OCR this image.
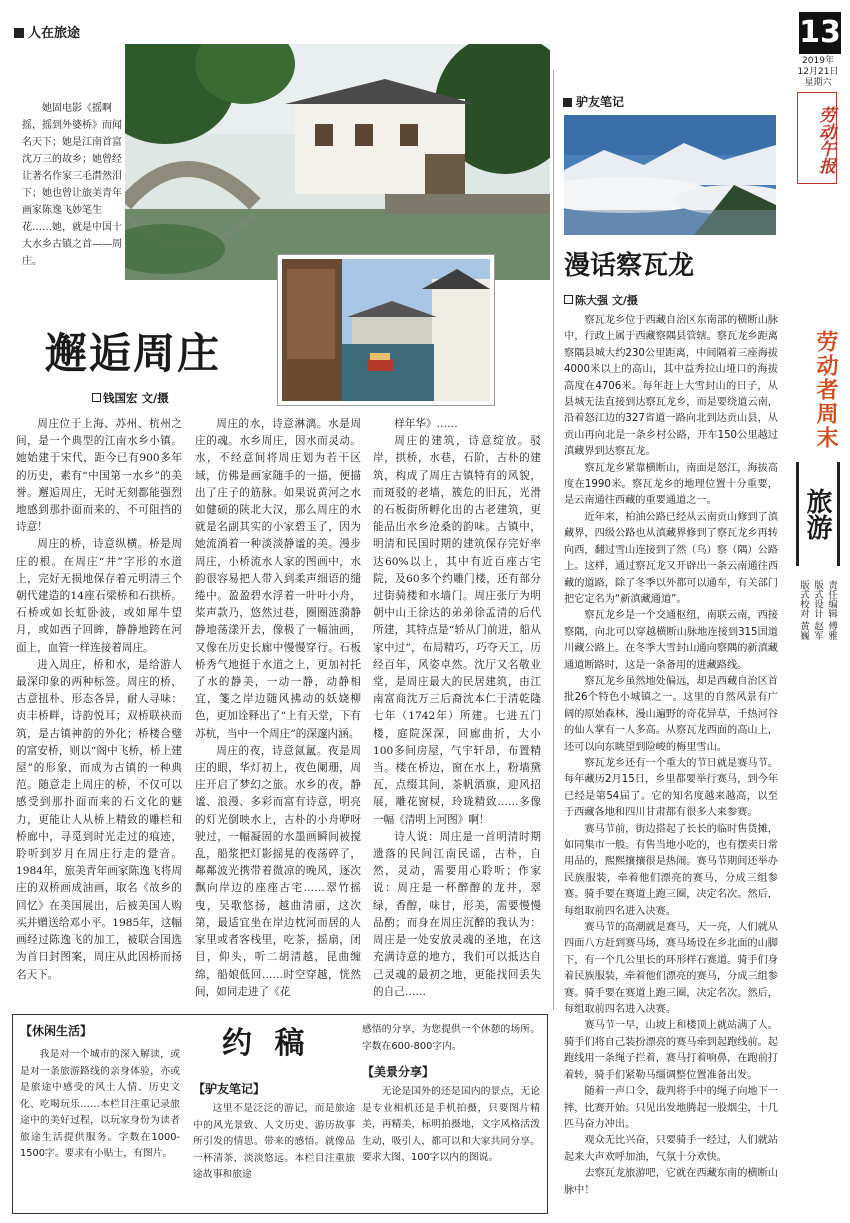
人在旅途	13
2019年
12月21日
星期六
劳动午报
劳动者周末
旅游
责任编辑 傅雅
版式设计 赵军
版式校对 黄巍
她固电影《摇啊摇，摇到外婆桥》而闻名天下；她是江南首富沈万三的故乡；她曾经让著名作家三毛潸然泪下；她也曾让旅美青年画家陈逸飞妙笔生花……她，就是中国十大水乡古镇之首——周庄。
邂逅周庄
钱国宏 文/摄

周庄位于上海、苏州、杭州之间，是一个典型的江南水乡小镇。她始建于宋代，距今已有900多年的历史，素有“中国第一水乡”的美誉。邂逅周庄，无时无刻都能强烈地感到那扑面而来的、不可阻挡的诗意！

周庄的桥，诗意纵横。桥是周庄的根。在周庄“井”字形的水道上，完好无损地保存着元明清三个朝代建造的14座石梁桥和石拱桥。石桥或如长虹卧波，或如犀牛望月，或如西子回眸，静静地跨在河面上，血管一样连接着周庄。

进入周庄，桥和水，是给游人最深印象的两种标签。周庄的桥，古意扭朴、形态各异，耐人寻味：贞丰桥畔，诗韵悦耳；双桥联袂而筑，是古镇神韵的外化；桥楼合璧的富安桥，则以“阁中飞桥，桥上建屋”的形象，而成为古镇的一种典范。随意走上周庄的桥，不仅可以感受到那扑面而来的石文化的魅力，更能让人从桥上精致的雕栏和桥廊中，寻觅到时光走过的痕迹，聆听到岁月在周庄行走的跫音。1984年，旅美青年画家陈逸飞将周庄的双桥画成油画，取名《故乡的回忆》在美国展出，后被美国人购买并赠送给邓小平。1985年，这幅画经过陈逸飞的加工，被联合国选为首日封图案，周庄从此因桥而扬名天下。

周庄的水，诗意淋漓。水是周庄的魂。水乡周庄，因水而灵动。水，不经意间将周庄划为若干区域，仿佛是画家随手的一描，便描出了庄子的筋脉。如果说黄河之水如健硕的陕北大汉，那么周庄的水就是名副其实的小家碧玉了，因为她流淌着一种淡淡静谧的美。漫步周庄，小桥流水人家的图画中，水韵很容易把人带入到柔声细语的缱绻中。盈盈碧水浮着一叶叶小舟，桨声款乃，悠然过巷，圈圈涟漪静静地荡漾开去，像极了一幅油画，又像在历史长廊中慢慢穿行。石板桥秀气地挺于水道之上，更加衬托了水的静美，一动一静，动静相宜，箋之岸边随风拂动的妖娆柳色，更加诠释出了“上有天堂，下有苏杭，当中一个周庄”的深邃内涵。

周庄的夜，诗意氤氲。夜是周庄的眼，华灯初上，夜色阑珊，周庄开启了梦幻之旅。水乡的夜，静谧、浪漫、多彩而富有诗意，明亮的灯光倒映水上，古朴的小舟咿呀驶过，一幅凝固的水墨画瞬间被搅乱，船浆把灯影摇晃的夜荡碎了，鄰鄰波光携带着微凉的晚风，逐次飘向岸边的座座古宅……翠竹摇曳，吴歌悠扬，越曲清丽，这次第，最适宜坐在岸边枕河而居的人家里或者客栈里，吃茶，摇扇，闭目，仰头，听二胡清越，昆曲缠绵，船娘低回……时空穿越，恍然间，如同走进了《花

样年华》……

周庄的建筑，诗意绽放。驳岸，拱桥，水巷，石阶，古朴的建筑，构成了周庄古镇特有的风貌，而斑驳的老墙，簇危的旧瓦，光滑的石板街所孵化出的古老建筑，更能品出水乡沧桑的韵味。古镇中，明清和民国时期的建筑保存完好率达60%以上，其中有近百座古宅院，及60多个约雕门楼，还有部分过街骑楼和水墙门。周庄张厅为明朝中山王徐达的弟弟徐孟清的后代所建，其特点是“轿从门前进，船从家中过”，布局精巧，巧夺天工，历经百年，风姿卓然。沈厅又名敬业堂，是周庄最大的民居建筑，由江南富商沈万三后裔沈本仁于清乾隆七年（1742年）所建。七进五门楼，庭院深深，回廊曲折，大小100多间房屋，气宇轩昂，布置精当。楼在桥边，窗在水上，粉墙黛瓦，点缀其间，茶帆酒旗，迎风招展，雕花窗棂，玲珑精致……多像一幅《清明上河图》啊！

诗人说：周庄是一首明清时期遗落的民间江南民谣，古朴，自然，灵动，需要用心聆听；作家说：周庄是一杯醉醇的龙井，翠绿，香醇，味甘，形美，需要慢慢品酌；而身在周庄沉醉的我认为：周庄是一处安放灵魂的圣地，在这充满诗意的地方，我们可以抵达自己灵魂的最初之地，更能找回丢失的自己……

驴友笔记
漫话察瓦龙
陈大强 文/摄

察瓦龙乡位于西藏自治区东南部的横断山脉中，行政上属于西藏察隅县管辖。察瓦龙乡距离察隅县城大约230公里距离，中间隔着三座海拔4000米以上的高山，其中益秀拉山垭口的海拔高度在4706米。每年赶上大雪封山的日子，从县城无法直接到达察瓦龙乡，而是要绕道云南，沿着怒江边的327省道一路向北到达贡山县，从贡山再向北是一条乡村公路，开车150公里越过滇藏界到达察瓦龙。

察瓦龙乡紧靠横断山，南面是怒江，海拔高度在1990米。察瓦龙乡的地理位置十分重要，是云南通往西藏的重要通道之一。

近年来，柏油公路已经从云南贡山修到了滇藏界，四级公路也从滇藏界修到了察瓦龙乡再转向西，翻过雪山连接到了然（乌）察（隅）公路上。这样，通过察瓦龙又开辟出一条云南通往西藏的道路，除了冬季以外都可以通车，有关部门把它定名为“新滇藏通道”。

察瓦龙乡是一个交通枢纽，南联云南，西接察隅，向北可以穿越横断山脉地连接到315国道川藏公路上。在冬季大雪封山通向察隅的新滇藏通道断路时，这是一条备用的进藏路线。

察瓦龙乡虽然地处偏远，却是西藏自治区首批26个特色小城镇之一。这里的自然风景有广阔的原始森林，漫山遍野的奇花异草，千热河谷的仙人掌有一人多高。从察瓦龙西面的高山上，还可以向东眺望到险峻的梅里雪山。

察瓦龙乡还有一个重大的节日就是赛马节。每年藏历2月15日，乡里都要举行赛马，到今年已经是第54届了。它的知名度越来越高，以至于西藏各地和四川甘肃都有很多人来参赛。

赛马节前，街边搭起了长长的临时售货摊，如同集市一般。有售当地小吃的，也有摆卖日常用品的，熙熙攘攘很是热闹。赛马节期间还举办民族服装，牵着他们漂亮的赛马，分成三组参赛。骑手要在赛道上跑三圈，决定名次。然后，每组取前四名进入决赛。

赛马节的高潮就是赛马，天一亮，人们就从四面八方赶到赛马场，赛马场设在乡北面的山脚下，有一个几公里长的环形样石赛道。骑手们身着民族服装，牵着他们漂亮的赛马，分成三组参赛。骑手要在赛道上跑三圈，决定名次。然后，每组取前四名进入决赛。

赛马节一早，山坡上和楼顶上就站满了人。骑手们将自己装扮漂亮的赛马牵到起跑线前。起跑线用一条绳子拦着，赛马打着响鼻，在跑前打着转，骑手们紧勒马缰调整位置准备出发。

随着一声口令，裁判将手中的绳子向地下一摔，比赛开始。只见出发地腾起一股烟尘，十几匹马奋力冲出。

观众无比兴奋，只要骑手一经过，人们就站起来大声欢呼加油，气氛十分欢快。

去察瓦龙旅游吧，它就在西藏东南的横断山脉中！

【休闲生活】

我是对一个城市的深入解读，或是对一条旅游路线的亲身体验，亦或是旅途中感受的风土人情、历史文化、吃喝玩乐……本栏目注重记录旅途中的美好过程，以玩家身份为读者旅途生活提供服务。字数在1000-1500字。要求有小贴士，有图片。

约 稿
【驴友笔记】

这里不是泛泛的游记，而是旅途中的风光景致、人文历史、游历故事所引发的情思。带来的感悟。就像品一杯清茶，淡淡悠远。本栏目注重旅途故事和旅途

感悟的分享，为您提供一个休憩的场所。字数在600-800字内。
【美景分享】

无论是国外的还是国内的景点，无论是专业相机还是手机拍摄，只要图片精美，再精美，标明拍摄地，文字风格活泼生动，吸引人，都可以和大家共同分享。要求大图、100字以内的图说。
